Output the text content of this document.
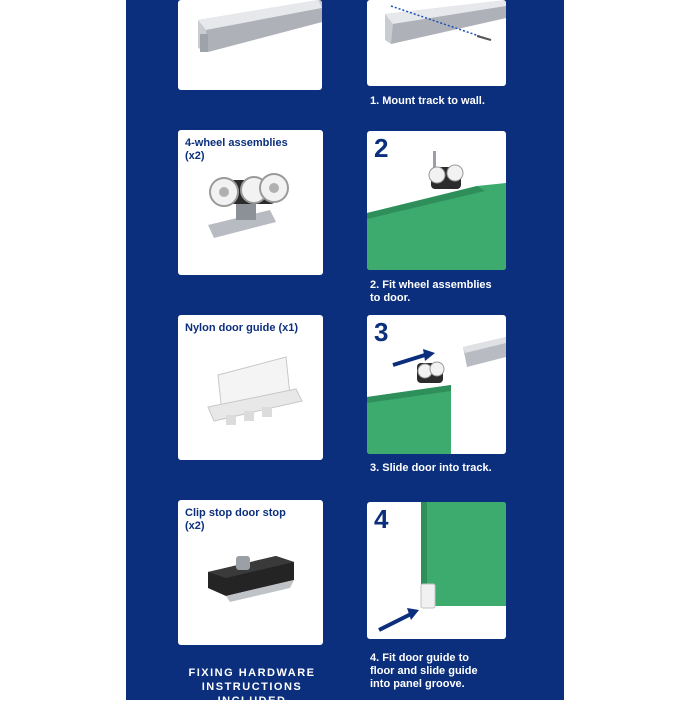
1. Mount track to wall.
4-wheel assemblies
(x2)	2
2. Fit wheel assemblies
to door.
Nylon door guide (x1)	3
3. Slide door into track.
Clip stop door stop
(x2)	4
4. Fit door guide to
floor and slide guide
into panel groove.
FIXING HARDWARE
INSTRUCTIONS
INCLUDED
